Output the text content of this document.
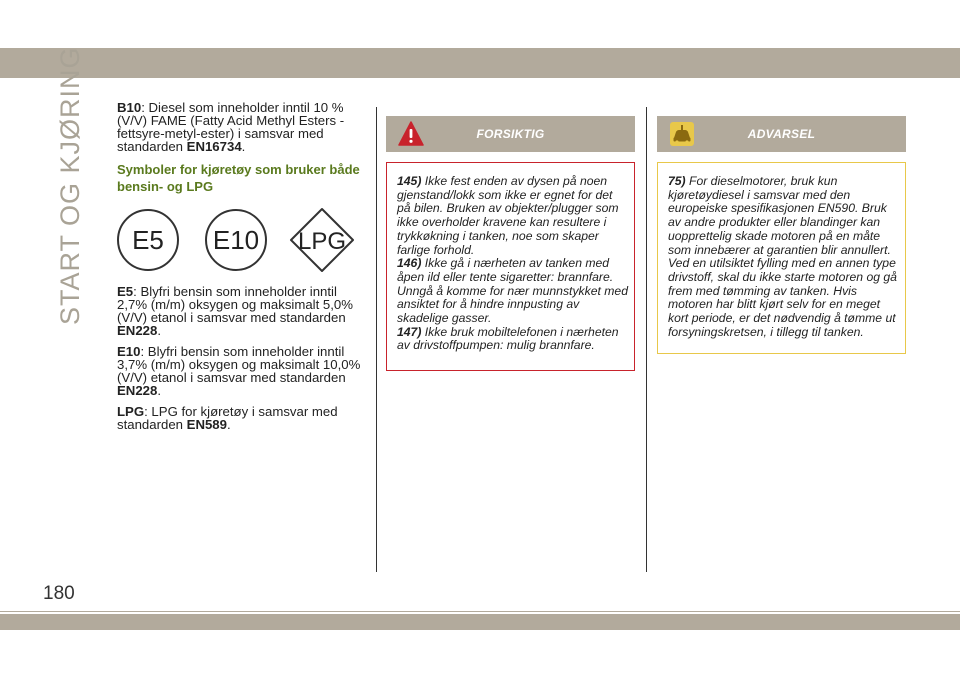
START OG KJØRING
180

B10: Diesel som inneholder inntil 10 % (V/V) FAME (Fatty Acid Methyl Esters - fettsyre-metyl-ester) i samsvar med standarden EN16734.

Symboler for kjøretøy som bruker både bensin- og LPG
E5 E10 LPG

E5: Blyfri bensin som inneholder inntil 2,7% (m/m) oksygen og maksimalt 5,0% (V/V) etanol i samsvar med standarden EN228.

E10: Blyfri bensin som inneholder inntil 3,7% (m/m) oksygen og maksimalt 10,0% (V/V) etanol i samsvar med standarden EN228.

LPG: LPG for kjøretøy i samsvar med standarden EN589.

FORSIKTIG
145) Ikke fest enden av dysen på noen gjenstand/lokk som ikke er egnet for det på bilen. Bruken av objekter/plugger som ikke overholder kravene kan resultere i trykkøkning i tanken, noe som skaper farlige forhold.
146) Ikke gå i nærheten av tanken med åpen ild eller tente sigaretter: brannfare. Unngå å komme for nær munnstykket med ansiktet for å hindre innpusting av skadelige gasser.
147) Ikke bruk mobiltelefonen i nærheten av drivstoffpumpen: mulig brannfare.
ADVARSEL
75) For dieselmotorer, bruk kun kjøretøydiesel i samsvar med den europeiske spesifikasjonen EN590. Bruk av andre produkter eller blandinger kan uopprettelig skade motoren på en måte som innebærer at garantien blir annullert. Ved en utilsiktet fylling med en annen type drivstoff, skal du ikke starte motoren og gå frem med tømming av tanken. Hvis motoren har blitt kjørt selv for en meget kort periode, er det nødvendig å tømme ut forsyningskretsen, i tillegg til tanken.
